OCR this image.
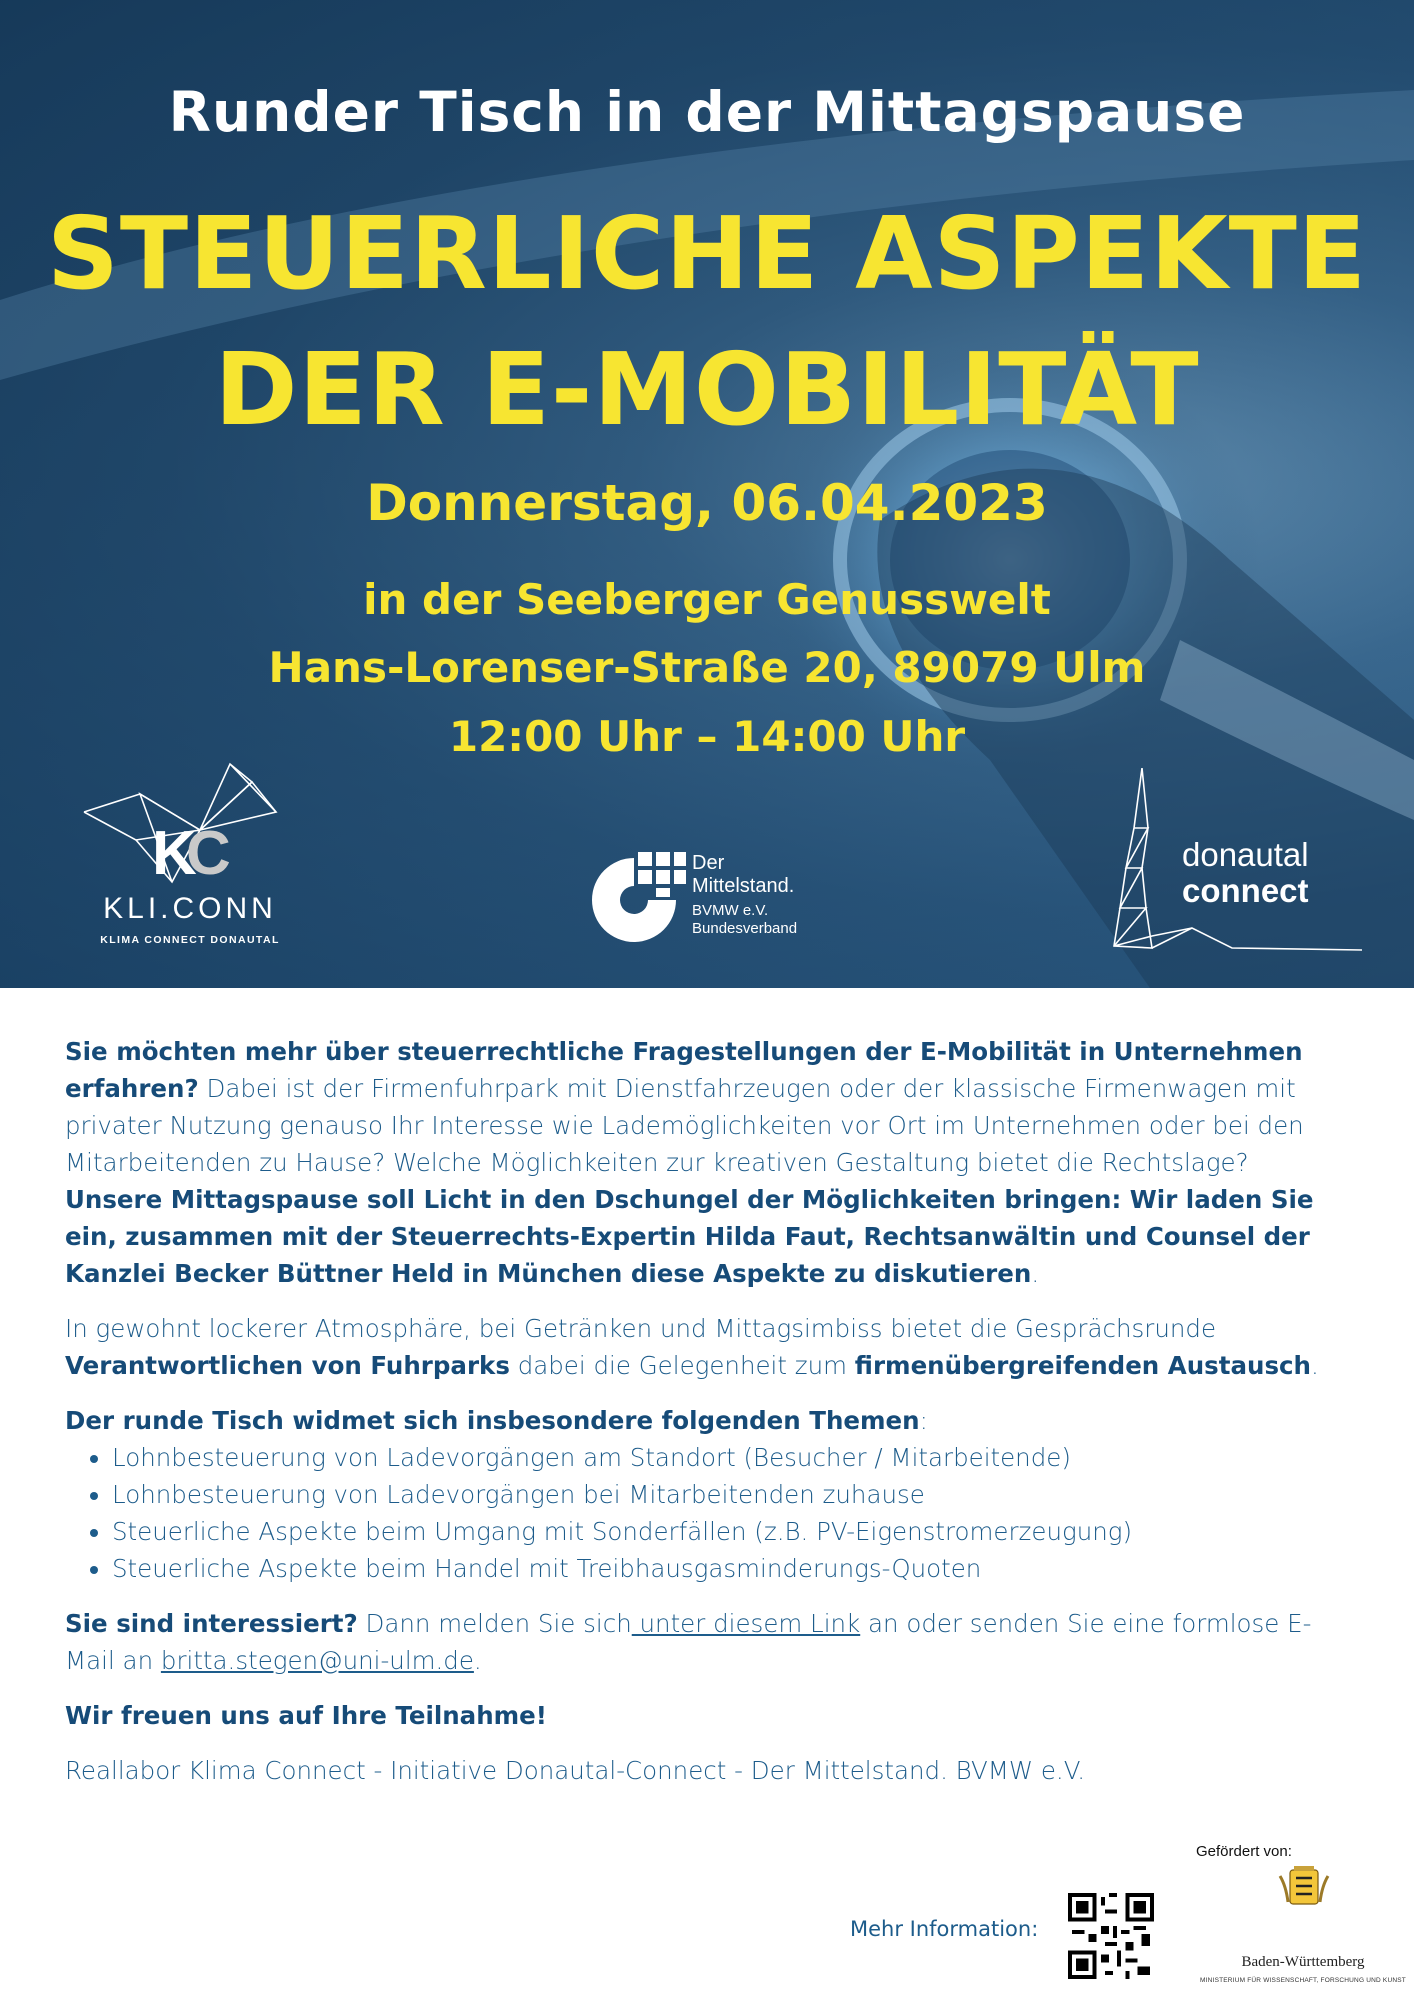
Runder Tisch in der Mittagspause
STEUERLICHE ASPEKTE
DER E-MOBILITÄT
Donnerstag, 06.04.2023
in der Seeberger Genusswelt
Hans-Lorenser-Straße 20, 89079 Ulm
12:00 Uhr – 14:00 Uhr
K
C
KLI.CONN
KLIMA CONNECT DONAUTAL
Der
Mittelstand.
BVMW e.V.
Bundesverband
donautal
connect

Sie möchten mehr über steuerrechtliche Fragestellungen der E-Mobilität in Unternehmen erfahren? Dabei ist der Firmenfuhrpark mit Dienstfahrzeugen oder der klassische Firmenwagen mit privater Nutzung genauso Ihr Interesse wie Lademöglichkeiten vor Ort im Unternehmen oder bei den Mitarbeitenden zu Hause? Welche Möglichkeiten zur kreativen Gestaltung bietet die Rechtslage? Unsere Mittagspause soll Licht in den Dschungel der Möglichkeiten bringen: Wir laden Sie ein, zusammen mit der Steuerrechts-Expertin Hilda Faut, Rechtsanwältin und Counsel der Kanzlei Becker Büttner Held in München diese Aspekte zu diskutieren.

In gewohnt lockerer Atmosphäre, bei Getränken und Mittagsimbiss bietet die Gesprächsrunde Verantwortlichen von Fuhrparks dabei die Gelegenheit zum firmenübergreifenden Austausch.

Der runde Tisch widmet sich insbesondere folgenden Themen:
• Lohnbesteuerung von Ladevorgängen am Standort (Besucher / Mitarbeitende)
• Lohnbesteuerung von Ladevorgängen bei Mitarbeitenden zuhause
• Steuerliche Aspekte beim Umgang mit Sonderfällen (z.B. PV-Eigenstromerzeugung)
• Steuerliche Aspekte beim Handel mit Treibhausgasminderungs-Quoten

Sie sind interessiert? Dann melden Sie sich unter diesem Link an oder senden Sie eine formlose E-Mail an britta.stegen@uni-ulm.de.

Wir freuen uns auf Ihre Teilnahme!

Reallabor Klima Connect - Initiative Donautal-Connect - Der Mittelstand. BVMW e.V.

Mehr Information:
Gefördert von:
Baden-Württemberg
MINISTERIUM FÜR WISSENSCHAFT, FORSCHUNG UND KUNST
